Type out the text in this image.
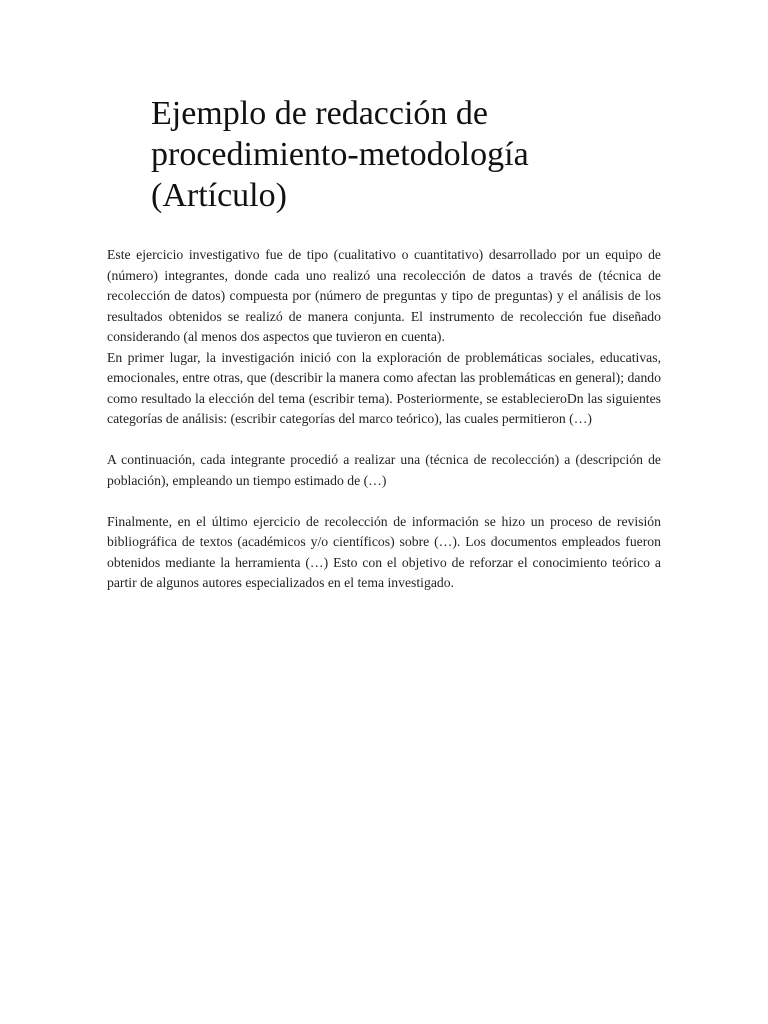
Ejemplo de redacción de
procedimiento-metodología
(Artículo)

Este ejercicio investigativo fue de tipo (cualitativo o cuantitativo) desarrollado por un equipo de (número) integrantes, donde cada uno realizó una recolección de datos a través de (técnica de recolección de datos) compuesta por (número de preguntas y tipo de preguntas) y el análisis de los resultados obtenidos se realizó de manera conjunta. El instrumento de recolección fue diseñado considerando (al menos dos aspectos que tuvieron en cuenta).

En primer lugar, la investigación inició con la exploración de problemáticas sociales, educativas, emocionales, entre otras, que (describir la manera como afectan las problemáticas en general); dando como resultado la elección del tema (escribir tema). Posteriormente, se establecieroDn las siguientes categorías de análisis: (escribir categorías del marco teórico), las cuales permitieron (…)

A continuación, cada integrante procedió a realizar una (técnica de recolección) a (descripción de población), empleando un tiempo estimado de (…)

Finalmente, en el último ejercicio de recolección de información se hizo un proceso de revisión bibliográfica de textos (académicos y/o científicos) sobre (…). Los documentos empleados fueron obtenidos mediante la herramienta (…) Esto con el objetivo de reforzar el conocimiento teórico a partir de algunos autores especializados en el tema investigado.
